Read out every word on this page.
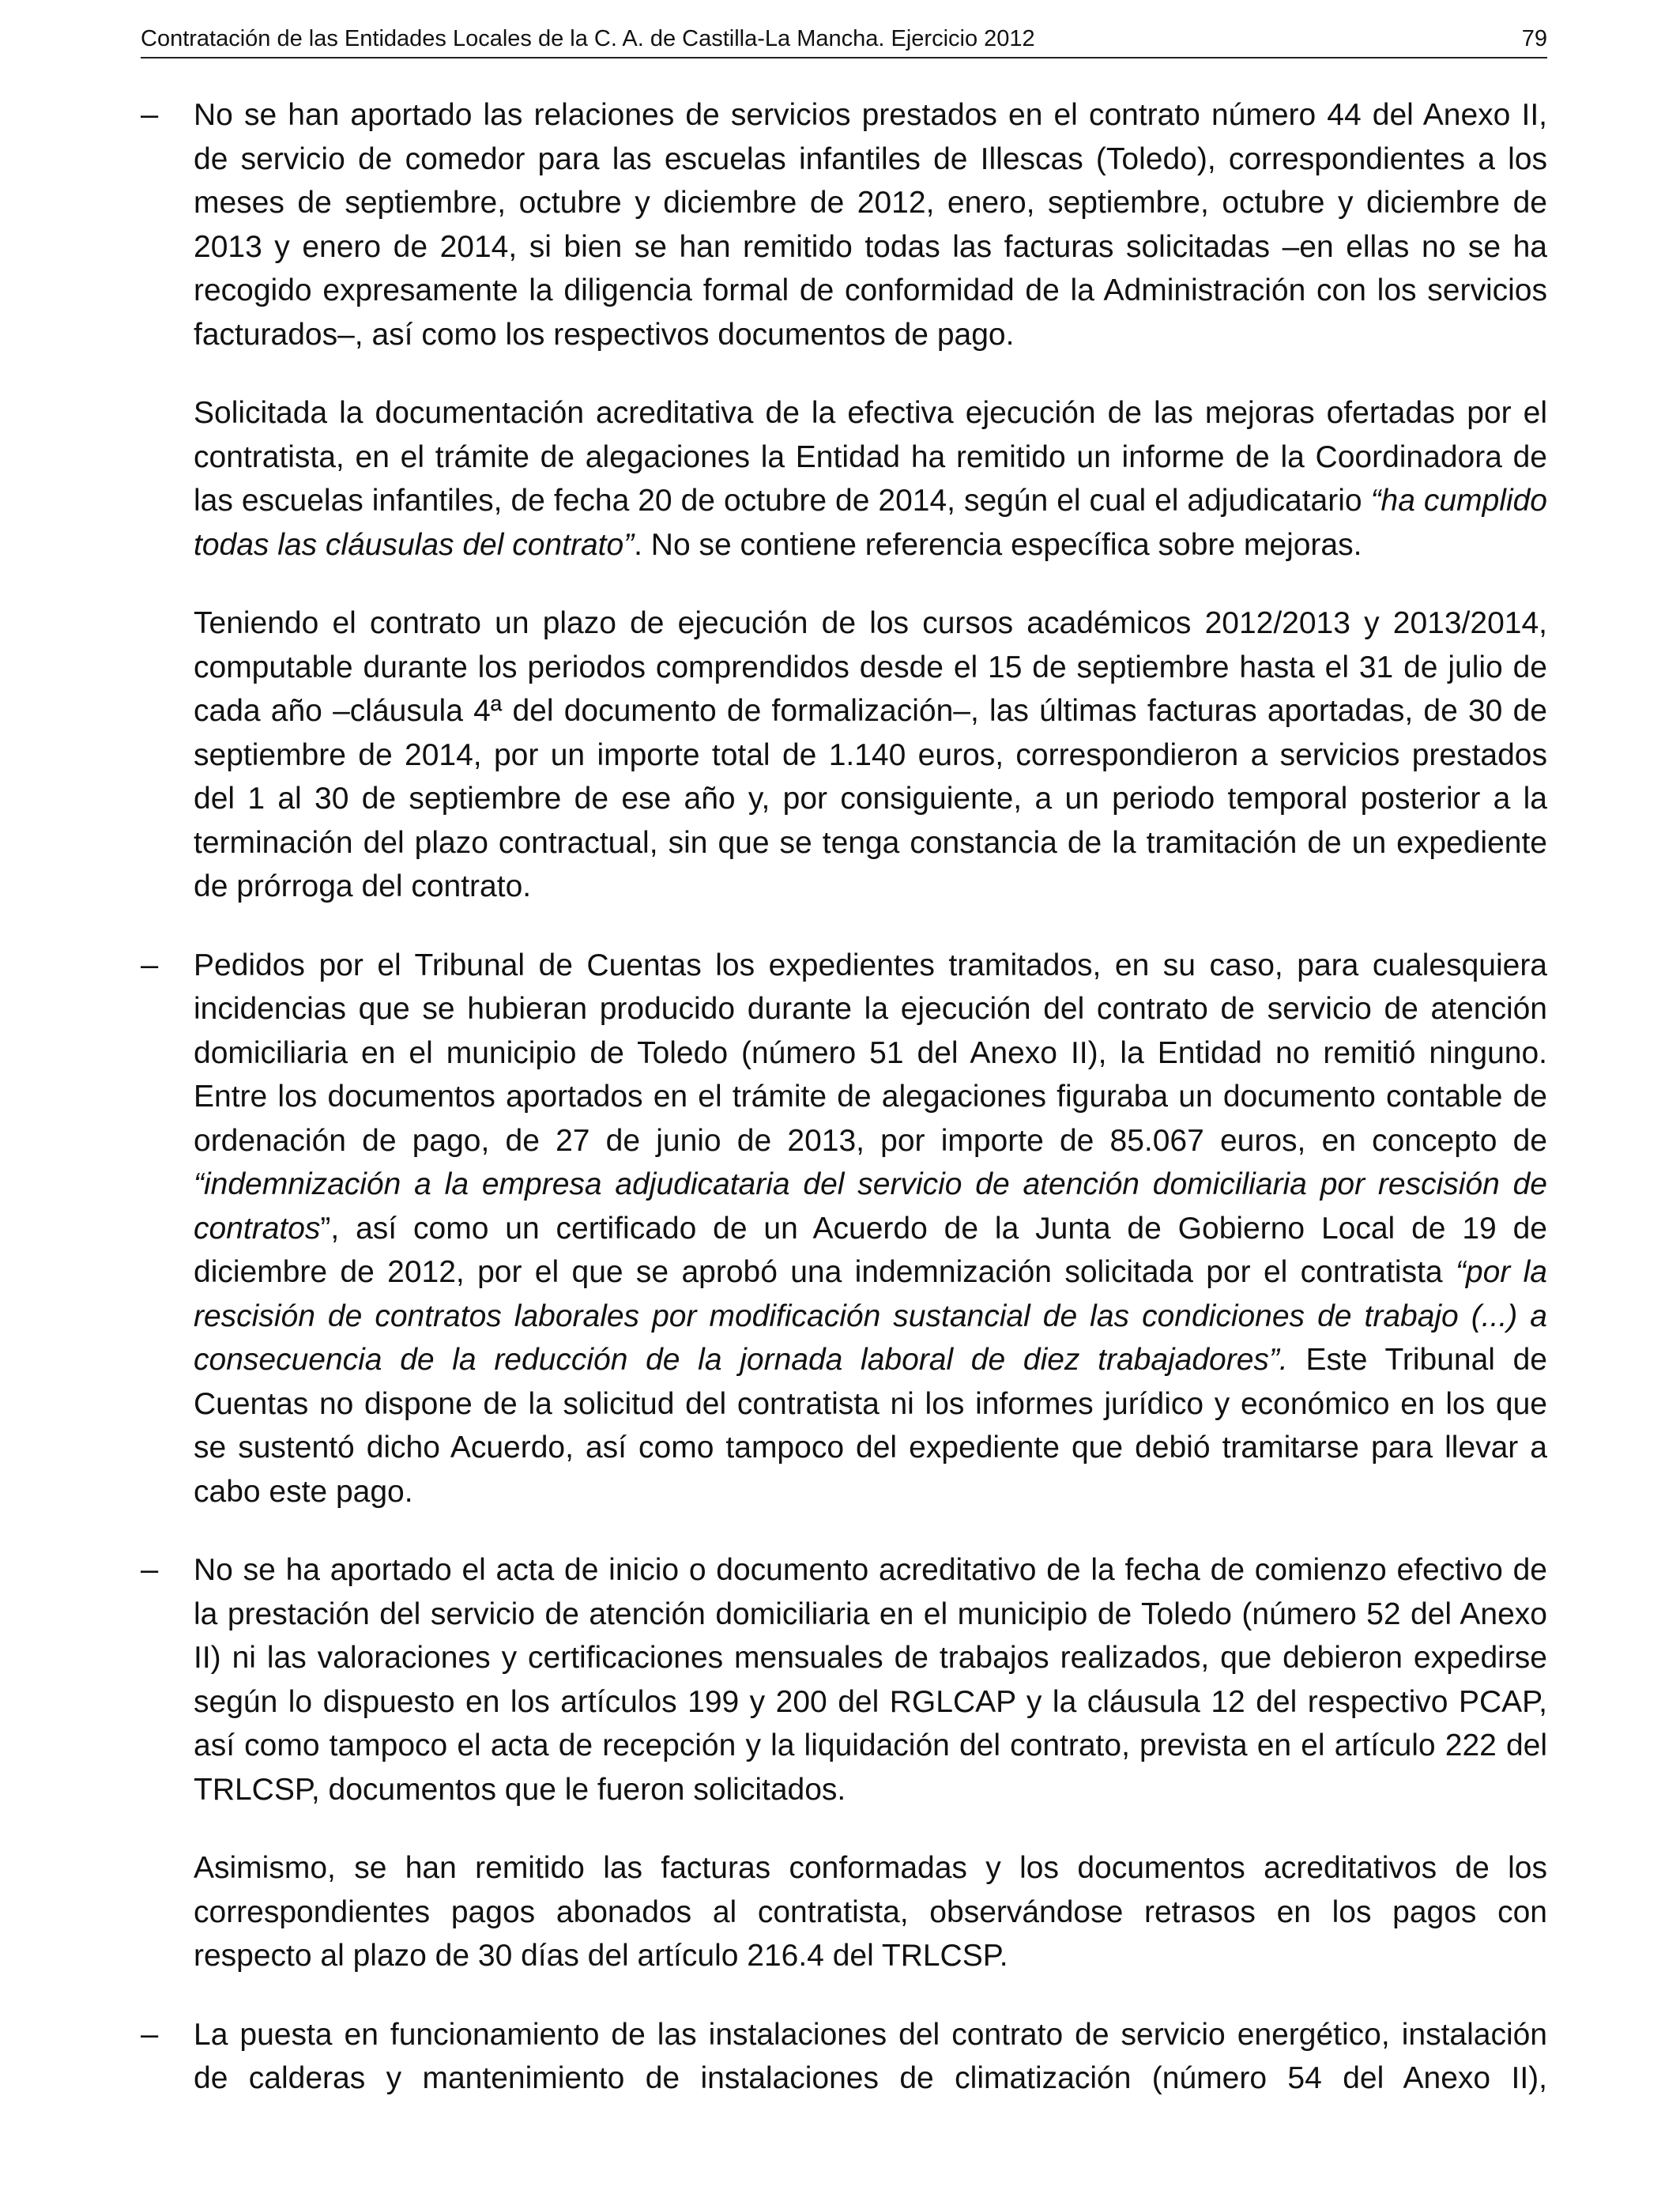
Contratación de las Entidades Locales de la C. A. de Castilla-La Mancha. Ejercicio 2012	79
– No se han aportado las relaciones de servicios prestados en el contrato número 44 del Anexo II, de servicio de comedor para las escuelas infantiles de Illescas (Toledo), correspondientes a los meses de septiembre, octubre y diciembre de 2012, enero, septiembre, octubre y diciembre de 2013 y enero de 2014, si bien se han remitido todas las facturas solicitadas –en ellas no se ha recogido expresamente la diligencia formal de conformidad de la Administración con los servicios facturados–, así como los respectivos documentos de pago.

Solicitada la documentación acreditativa de la efectiva ejecución de las mejoras ofertadas por el contratista, en el trámite de alegaciones la Entidad ha remitido un informe de la Coordinadora de las escuelas infantiles, de fecha 20 de octubre de 2014, según el cual el adjudicatario “ha cumplido todas las cláusulas del contrato”. No se contiene referencia específica sobre mejoras.

Teniendo el contrato un plazo de ejecución de los cursos académicos 2012/2013 y 2013/2014, computable durante los periodos comprendidos desde el 15 de septiembre hasta el 31 de julio de cada año –cláusula 4ª del documento de formalización–, las últimas facturas aportadas, de 30 de septiembre de 2014, por un importe total de 1.140 euros, correspondieron a servicios prestados del 1 al 30 de septiembre de ese año y, por consiguiente, a un periodo temporal posterior a la terminación del plazo contractual, sin que se tenga constancia de la tramitación de un expediente de prórroga del contrato.

– Pedidos por el Tribunal de Cuentas los expedientes tramitados, en su caso, para cualesquiera incidencias que se hubieran producido durante la ejecución del contrato de servicio de atención domiciliaria en el municipio de Toledo (número 51 del Anexo II), la Entidad no remitió ninguno. Entre los documentos aportados en el trámite de alegaciones figuraba un documento contable de ordenación de pago, de 27 de junio de 2013, por importe de 85.067 euros, en concepto de “indemnización a la empresa adjudicataria del servicio de atención domiciliaria por rescisión de contratos”, así como un certificado de un Acuerdo de la Junta de Gobierno Local de 19 de diciembre de 2012, por el que se aprobó una indemnización solicitada por el contratista “por la rescisión de contratos laborales por modificación sustancial de las condiciones de trabajo (...) a consecuencia de la reducción de la jornada laboral de diez trabajadores”. Este Tribunal de Cuentas no dispone de la solicitud del contratista ni los informes jurídico y económico en los que se sustentó dicho Acuerdo, así como tampoco del expediente que debió tramitarse para llevar a cabo este pago.

– No se ha aportado el acta de inicio o documento acreditativo de la fecha de comienzo efectivo de la prestación del servicio de atención domiciliaria en el municipio de Toledo (número 52 del Anexo II) ni las valoraciones y certificaciones mensuales de trabajos realizados, que debieron expedirse según lo dispuesto en los artículos 199 y 200 del RGLCAP y la cláusula 12 del respectivo PCAP, así como tampoco el acta de recepción y la liquidación del contrato, prevista en el artículo 222 del TRLCSP, documentos que le fueron solicitados.

Asimismo, se han remitido las facturas conformadas y los documentos acreditativos de los correspondientes pagos abonados al contratista, observándose retrasos en los pagos con respecto al plazo de 30 días del artículo 216.4 del TRLCSP.

– La puesta en funcionamiento de las instalaciones del contrato de servicio energético, instalación de calderas y mantenimiento de instalaciones de climatización (número 54 del Anexo II),
